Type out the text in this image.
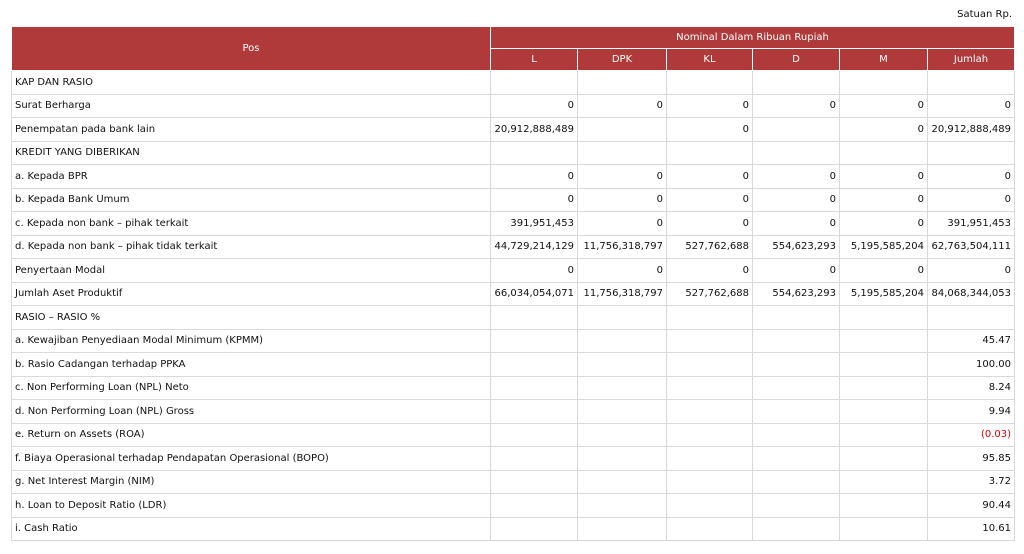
Satuan Rp.
Pos	Nominal Dalam Ribuan Rupiah					
	L	DPK	KL	D	M	Jumlah
KAP DAN RASIO						
Surat Berharga	0	0	0	0	0	0
Penempatan pada bank lain	20,912,888,489		0		0	20,912,888,489
KREDIT YANG DIBERIKAN						
a. Kepada BPR	0	0	0	0	0	0
b. Kepada Bank Umum	0	0	0	0	0	0
c. Kepada non bank – pihak terkait	391,951,453	0	0	0	0	391,951,453
d. Kepada non bank – pihak tidak terkait	44,729,214,129	11,756,318,797	527,762,688	554,623,293	5,195,585,204	62,763,504,111
Penyertaan Modal	0	0	0	0	0	0
Jumlah Aset Produktif	66,034,054,071	11,756,318,797	527,762,688	554,623,293	5,195,585,204	84,068,344,053
RASIO – RASIO %						
a. Kewajiban Penyediaan Modal Minimum (KPMM)						45.47
b. Rasio Cadangan terhadap PPKA						100.00
c. Non Performing Loan (NPL) Neto						8.24
d. Non Performing Loan (NPL) Gross						9.94
e. Return on Assets (ROA)						(0.03)
f. Biaya Operasional terhadap Pendapatan Operasional (BOPO)						95.85
g. Net Interest Margin (NIM)						3.72
h. Loan to Deposit Ratio (LDR)						90.44
i. Cash Ratio						10.61
